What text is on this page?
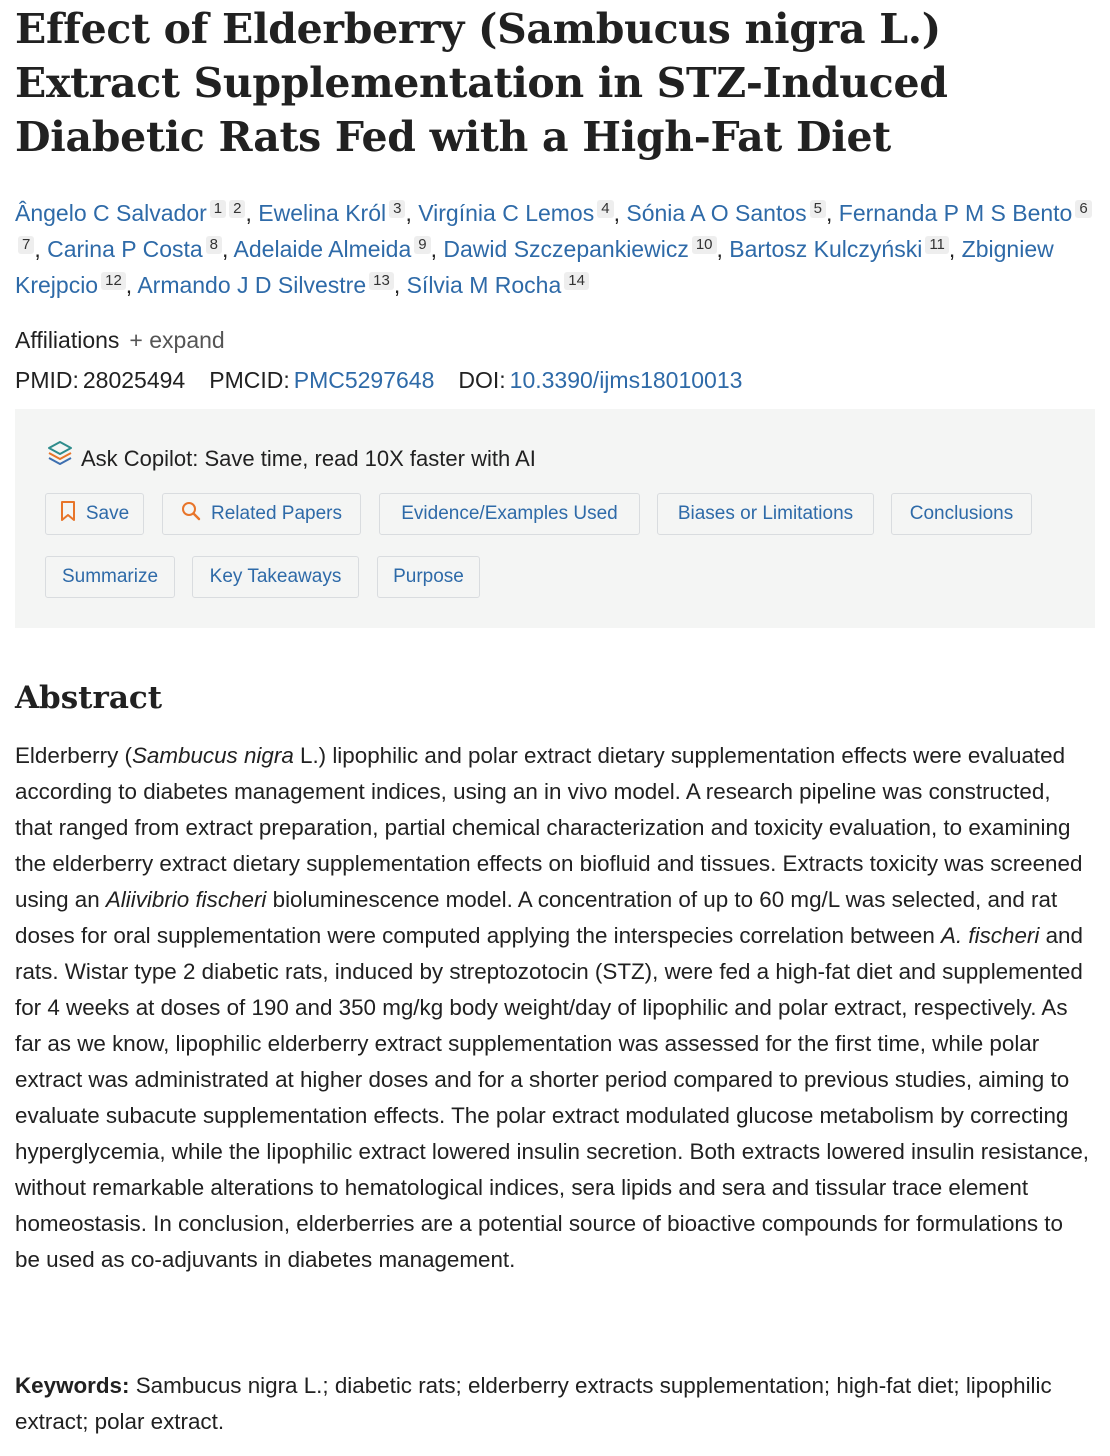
Effect of Elderberry (Sambucus nigra L.) Extract Supplementation in STZ-Induced Diabetic Rats Fed with a High-Fat Diet
Ângelo C Salvador 1 2 , Ewelina Król 3 , Virgínia C Lemos 4 , Sónia A O Santos 5 , Fernanda P M S Bento 67 , Carina P Costa 8 , Adelaide Almeida 9 , Dawid Szczepankiewicz 10 , Bartosz Kulczyński 11 , Zbigniew Krejpcio 12 , Armando J D Silvestre 13 , Sílvia M Rocha 14
Affiliations + expand
PMID: 28025494 PMCID: PMC5297648 DOI: 10.3390/ijms18010013
Ask Copilot: Save time, read 10X faster with AI
Save	Related Papers	Evidence/Examples Used	Biases or Limitations	Conclusions
Summarize	Key Takeaways	Purpose
Abstract

Elderberry (Sambucus nigra L.) lipophilic and polar extract dietary supplementation effects were evaluated according to diabetes management indices, using an in vivo model. A research pipeline was constructed, that ranged from extract preparation, partial chemical characterization and toxicity evaluation, to examining the elderberry extract dietary supplementation effects on biofluid and tissues. Extracts toxicity was screened using an Aliivibrio fischeri bioluminescence model. A concentration of up to 60 mg/L was selected, and rat doses for oral supplementation were computed applying the interspecies correlation between A. fischeri and rats. Wistar type 2 diabetic rats, induced by streptozotocin (STZ), were fed a high-fat diet and supplemented for 4 weeks at doses of 190 and 350 mg/kg body weight/day of lipophilic and polar extract, respectively. As far as we know, lipophilic elderberry extract supplementation was assessed for the first time, while polar extract was administrated at higher doses and for a shorter period compared to previous studies, aiming to evaluate subacute supplementation effects. The polar extract modulated glucose metabolism by correcting hyperglycemia, while the lipophilic extract lowered insulin secretion. Both extracts lowered insulin resistance, without remarkable alterations to hematological indices, sera lipids and sera and tissular trace element homeostasis. In conclusion, elderberries are a potential source of bioactive compounds for formulations to be used as co-adjuvants in diabetes management.

Keywords: Sambucus nigra L.; diabetic rats; elderberry extracts supplementation; high-fat diet; lipophilic extract; polar extract.
